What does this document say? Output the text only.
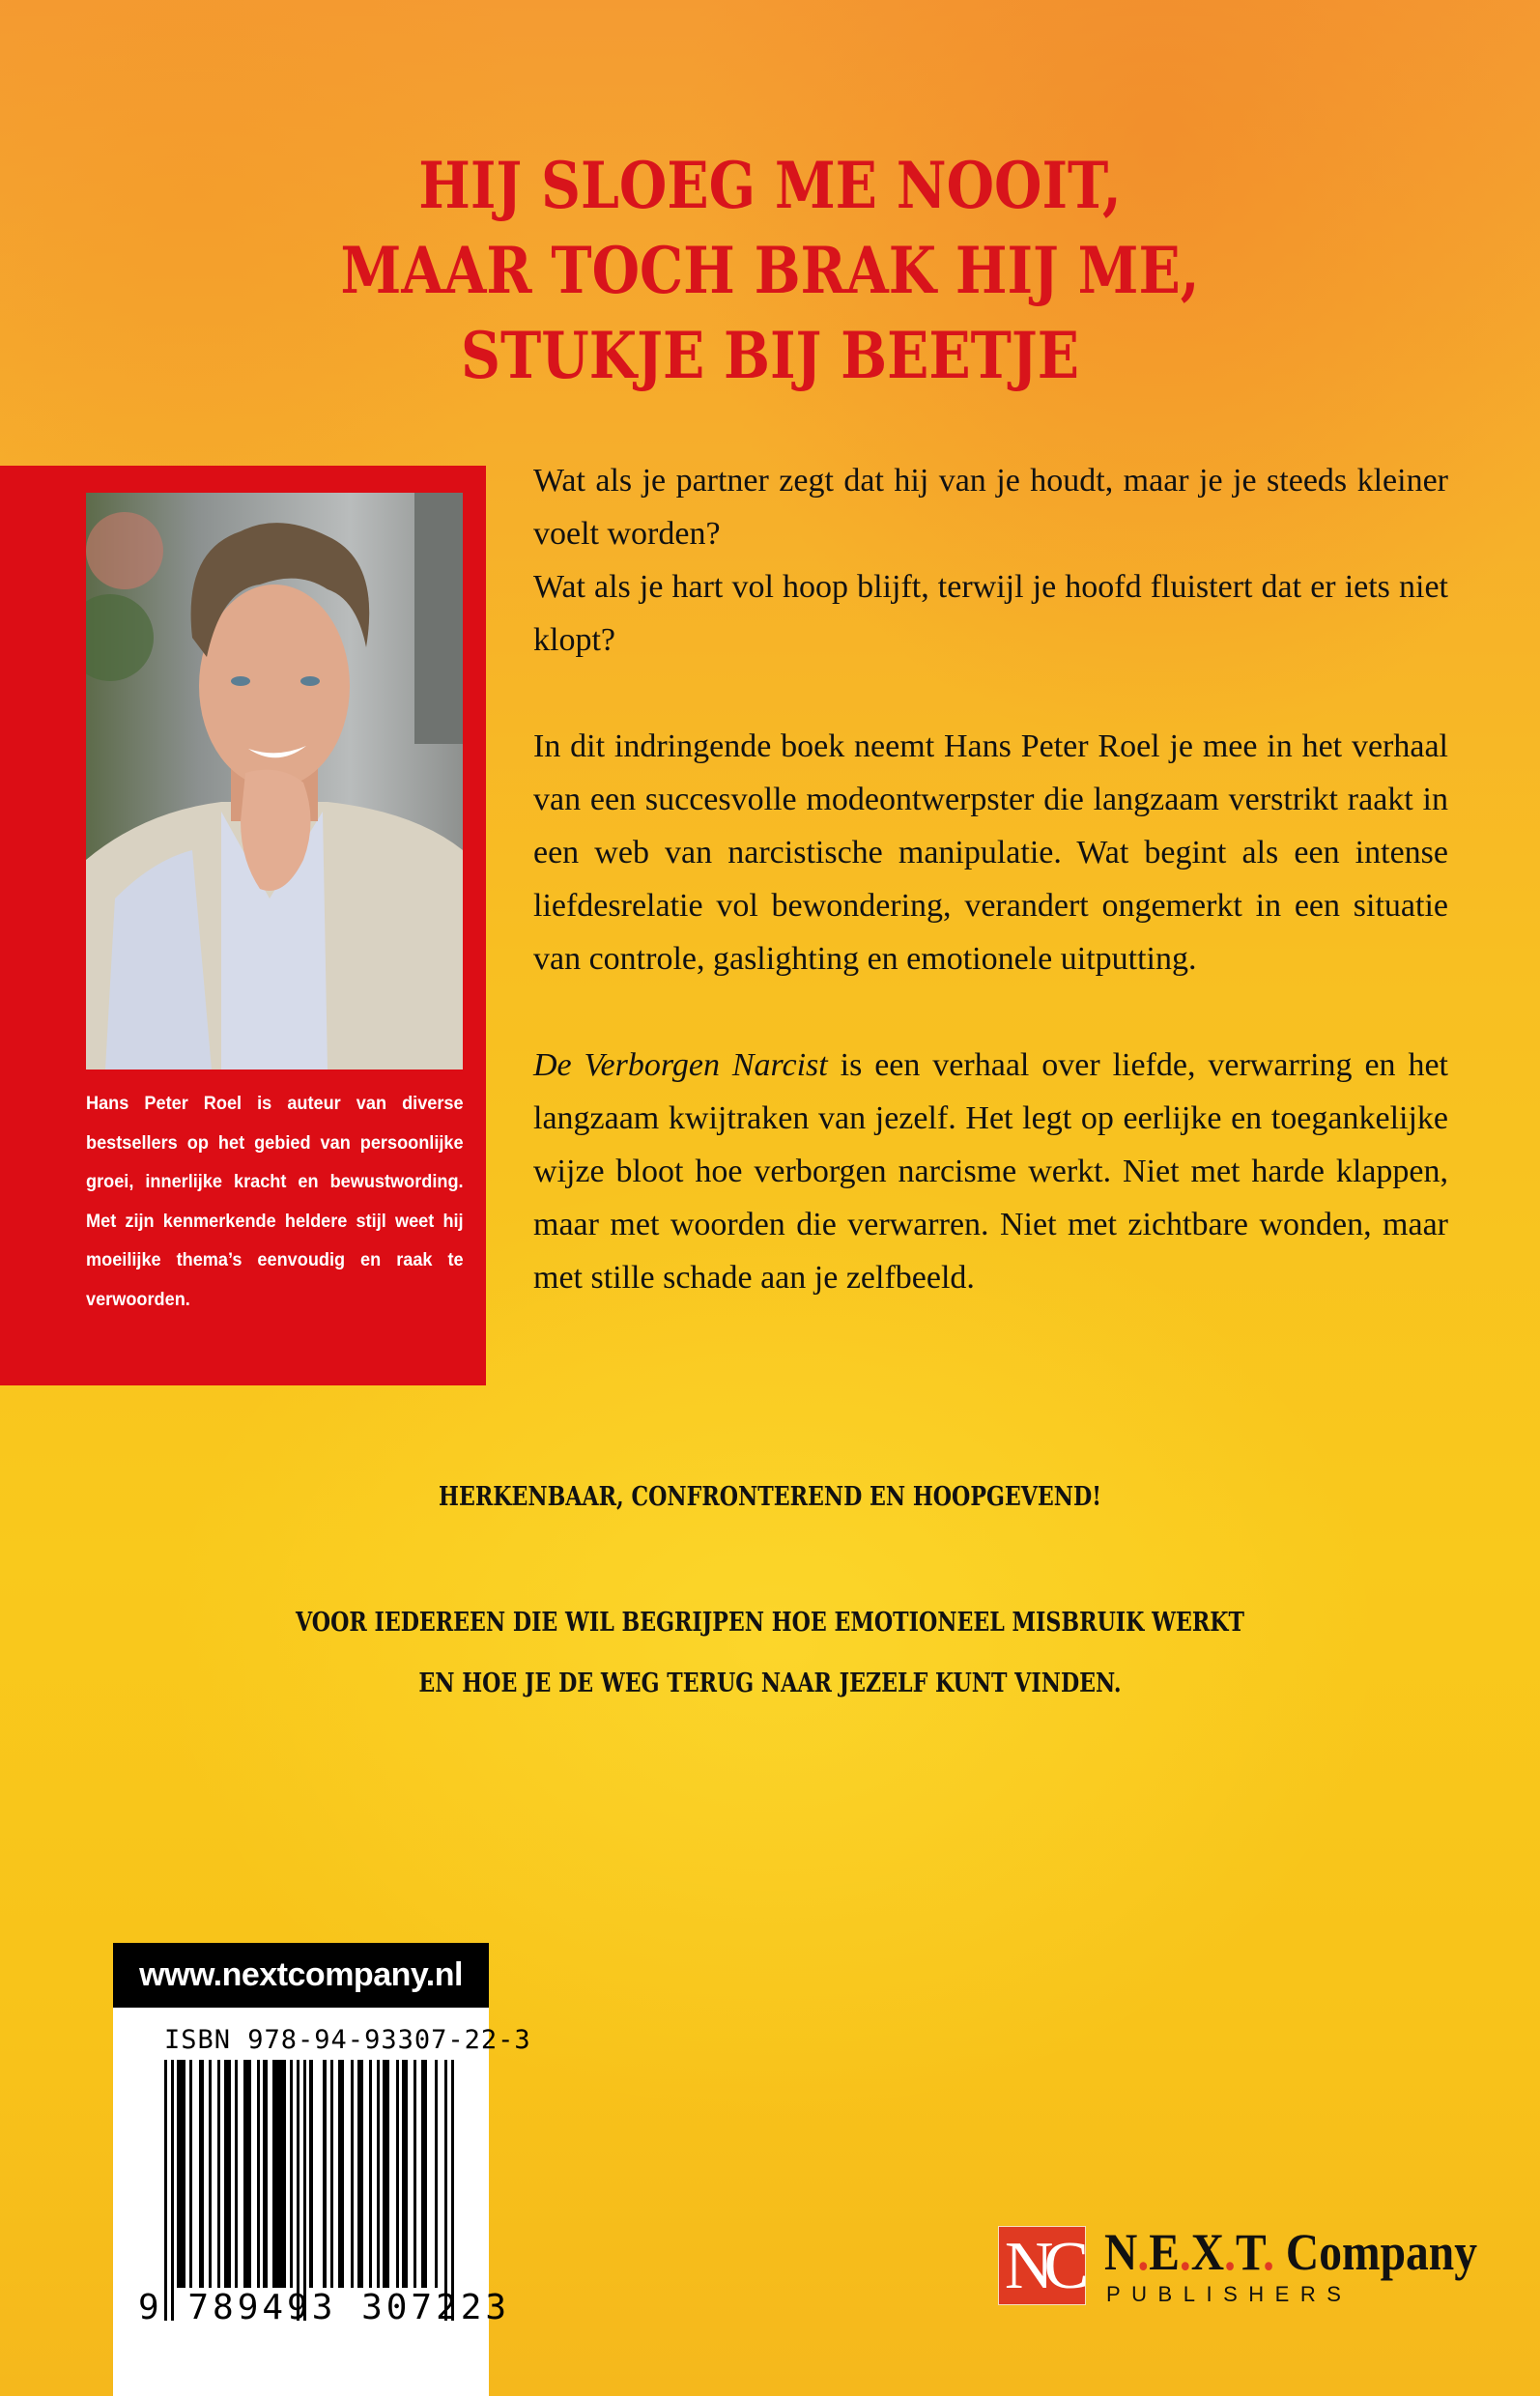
HIJ SLOEG ME NOOIT,
MAAR TOCH BRAK HIJ ME,
STUKJE BIJ BEETJE
Hans Peter Roel is auteur van diverse bestsellers op het gebied van persoonlijke groei, innerlijke kracht en bewustwording. Met zijn kenmerkende heldere stijl weet hij moeilijke thema’s eenvoudig en raak te verwoorden.

Wat als je partner zegt dat hij van je houdt, maar je je steeds kleiner voelt worden?
Wat als je hart vol hoop blijft, terwijl je hoofd fluistert dat er iets niet klopt?

In dit indringende boek neemt Hans Peter Roel je mee in het verhaal van een succesvolle modeontwerpster die langzaam verstrikt raakt in een web van narcistische manipulatie. Wat begint als een intense liefdesrelatie vol bewondering, verandert ongemerkt in een situatie van controle, gaslighting en emotionele uitputting.

De Verborgen Narcist is een verhaal over liefde, verwarring en het langzaam kwijtraken van jezelf. Het legt op eerlijke en toegankelijke wijze bloot hoe verborgen narcisme werkt. Niet met harde klappen, maar met woorden die verwarren. Niet met zichtbare wonden, maar met stille schade aan je zelfbeeld.

HERKENBAAR, CONFRONTEREND EN HOOPGEVEND!
VOOR IEDEREEN DIE WIL BEGRIJPEN HOE EMOTIONEEL MISBRUIK WERKT
EN HOE JE DE WEG TERUG NAAR JEZELF KUNT VINDEN.
www.nextcompany.nl
ISBN 978-94-93307-22-3
9 789493 307223
NC N.E.X.T. Company
PUBLISHERS
